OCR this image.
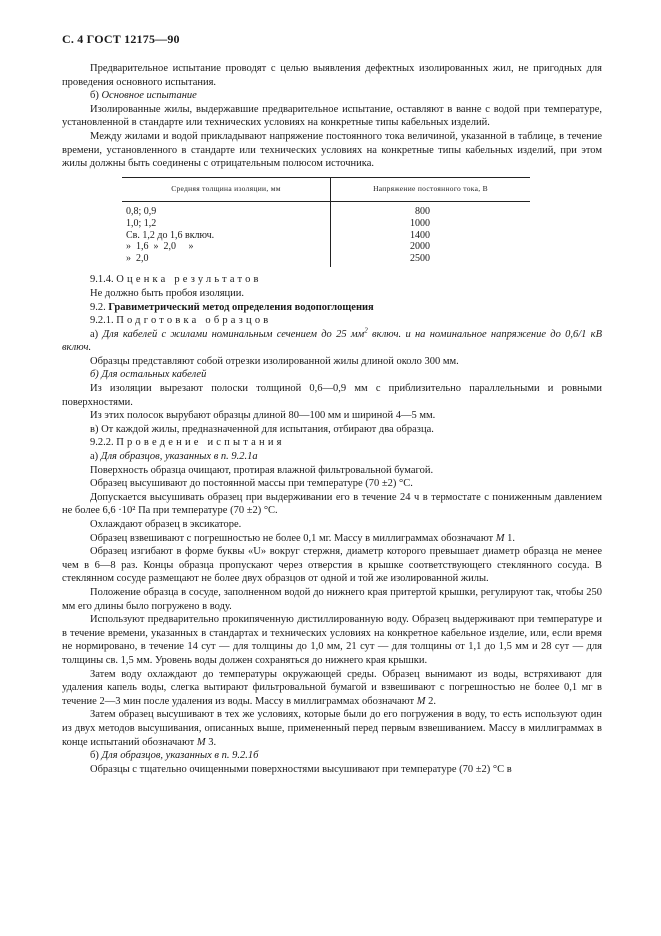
С. 4 ГОСТ 12175—90

Предварительное испытание проводят с целью выявления дефектных изолированных жил, не пригодных для проведения основного испытания.

б) Основное испытание

Изолированные жилы, выдержавшие предварительное испытание, оставляют в ванне с водой при температуре, установленной в стандарте или технических условиях на конкретные типы кабельных изделий.

Между жилами и водой прикладывают напряжение постоянного тока величиной, указанной в таблице, в течение времени, установленного в стандарте или технических условиях на конкретные типы кабельных изделий, при этом жилы должны быть соединены с отрицательным полюсом источника.

Средняя толщина изоляции, мм	Напряжение постоянного тока, В
0,8; 0,9	800
1,0; 1,2	1000
Св. 1,2 до 1,6 включ.	1400
»  1,6  »  2,0     »	2000
»  2,0	2500

9.1.4. Оценка результатов

Не должно быть пробоя изоляции.

9.2. Гравиметрический метод определения водопоглощения

9.2.1. Подготовка образцов

а) Для кабелей с жилами номинальным сечением до 25 $мм^2$ включ. и на номинальное напряжение до 0,6/1 кВ включ.

Образцы представляют собой отрезки изолированной жилы длиной около 300 мм.

б) Для остальных кабелей

Из изоляции вырезают полоски толщиной 0,6—0,9 мм с приблизительно параллельными и ровными поверхностями.

Из этих полосок вырубают образцы длиной 80—100 мм и шириной 4—5 мм.

в) От каждой жилы, предназначенной для испытания, отбирают два образца.

9.2.2. Проведение испытания

а) Для образцов, указанных в п. 9.2.1а

Поверхность образца очищают, протирая влажной фильтровальной бумагой.

Образец высушивают до постоянной массы при температуре (70 ±2) °С.

Допускается высушивать образец при выдерживании его в течение 24 ч в термостате с пониженным давлением не более 6,6 ·10² Па при температуре (70 ±2) °С.

Охлаждают образец в эксикаторе.

Образец взвешивают с погрешностью не более 0,1 мг. Массу в миллиграммах обозначают М 1.

Образец изгибают в форме буквы «U» вокруг стержня, диаметр которого превышает диаметр образца не менее чем в 6—8 раз. Концы образца пропускают через отверстия в крышке соответствующего стеклянного сосуда. В стеклянном сосуде размещают не более двух образцов от одной и той же изолированной жилы.

Положение образца в сосуде, заполненном водой до нижнего края притертой крышки, регулируют так, чтобы 250 мм его длины было погружено в воду.

Используют предварительно прокипяченную дистиллированную воду. Образец выдерживают при температуре и в течение времени, указанных в стандартах и технических условиях на конкретное кабельное изделие, или, если время не нормировано, в течение 14 сут — для толщины до 1,0 мм, 21 сут — для толщины от 1,1 до 1,5 мм и 28 сут — для толщины св. 1,5 мм. Уровень воды должен сохраняться до нижнего края крышки.

Затем воду охлаждают до температуры окружающей среды. Образец вынимают из воды, встряхивают для удаления капель воды, слегка вытирают фильтровальной бумагой и взвешивают с погрешностью не более 0,1 мг в течение 2—3 мин после удаления из воды. Массу в миллиграммах обозначают М 2.

Затем образец высушивают в тех же условиях, которые были до его погружения в воду, то есть используют один из двух методов высушивания, описанных выше, примененный перед первым взвешиванием. Массу в миллиграммах в конце испытаний обозначают М 3.

б) Для образцов, указанных в п. 9.2.1б

Образцы с тщательно очищенными поверхностями высушивают при температуре (70 ±2) °С в
